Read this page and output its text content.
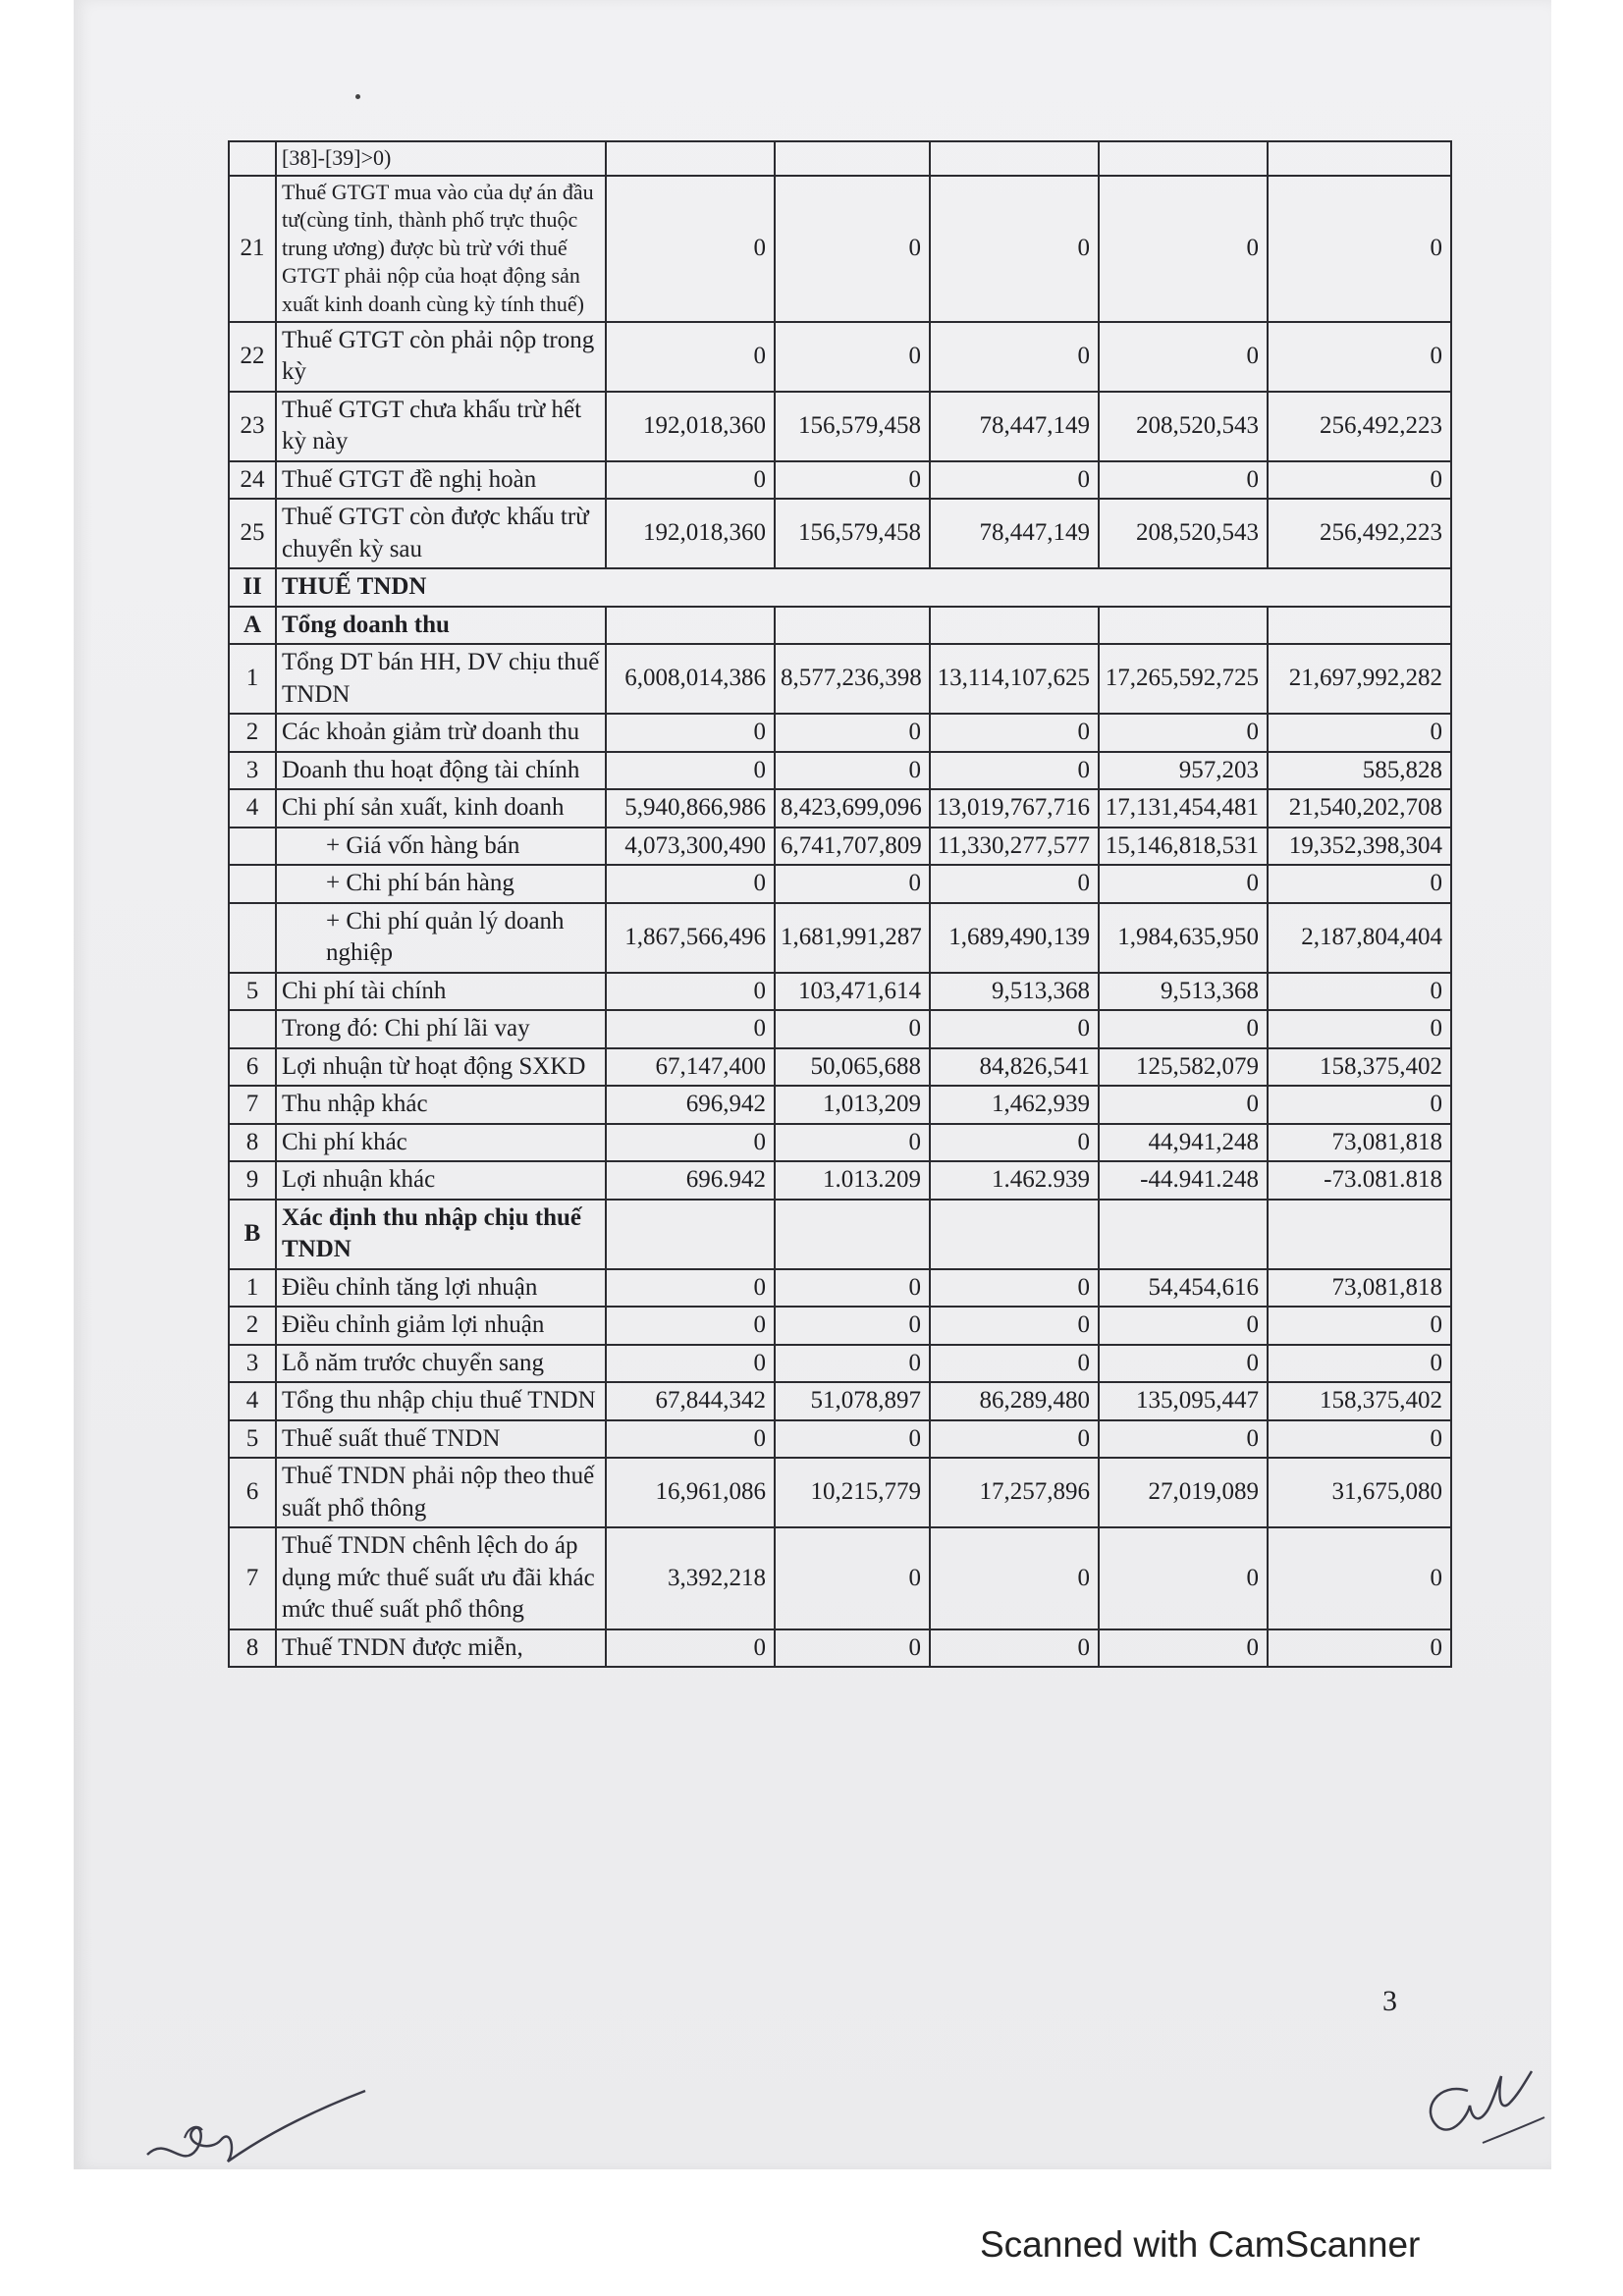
	[38]-[39]>0)					
21	Thuế GTGT mua vào của dự án đầu tư(cùng tỉnh, thành phố trực thuộc trung ương) được bù trừ với thuế GTGT phải nộp của hoạt động sản xuất kinh doanh cùng kỳ tính thuế)	0	0	0	0	0
22	Thuế GTGT còn phải nộp trong kỳ	0	0	0	0	0
23	Thuế GTGT chưa khấu trừ hết kỳ này	192,018,360	156,579,458	78,447,149	208,520,543	256,492,223
24	Thuế GTGT đề nghị hoàn	0	0	0	0	0
25	Thuế GTGT còn được khấu trừ chuyển kỳ sau	192,018,360	156,579,458	78,447,149	208,520,543	256,492,223
II	THUẾ TNDN					
A	Tổng doanh thu					
1	Tổng DT bán HH, DV chịu thuế TNDN	6,008,014,386	8,577,236,398	13,114,107,625	17,265,592,725	21,697,992,282
2	Các khoản giảm trừ doanh thu	0	0	0	0	0
3	Doanh thu hoạt động tài chính	0	0	0	957,203	585,828
4	Chi phí sản xuất, kinh doanh	5,940,866,986	8,423,699,096	13,019,767,716	17,131,454,481	21,540,202,708
	+ Giá vốn hàng bán	4,073,300,490	6,741,707,809	11,330,277,577	15,146,818,531	19,352,398,304
	+ Chi phí bán hàng	0	0	0	0	0
	+ Chi phí quản lý doanh nghiệp	1,867,566,496	1,681,991,287	1,689,490,139	1,984,635,950	2,187,804,404
5	Chi phí tài chính	0	103,471,614	9,513,368	9,513,368	0
	Trong đó: Chi phí lãi vay	0	0	0	0	0
6	Lợi nhuận từ hoạt động SXKD	67,147,400	50,065,688	84,826,541	125,582,079	158,375,402
7	Thu nhập khác	696,942	1,013,209	1,462,939	0	0
8	Chi phí khác	0	0	0	44,941,248	73,081,818
9	Lợi nhuận khác	696.942	1.013.209	1.462.939	-44.941.248	-73.081.818
B	Xác định thu nhập chịu thuế TNDN					
1	Điều chỉnh tăng lợi nhuận	0	0	0	54,454,616	73,081,818
2	Điều chỉnh giảm lợi nhuận	0	0	0	0	0
3	Lỗ năm trước chuyển sang	0	0	0	0	0
4	Tổng thu nhập chịu thuế TNDN	67,844,342	51,078,897	86,289,480	135,095,447	158,375,402
5	Thuế suất thuế TNDN	0	0	0	0	0
6	Thuế TNDN phải nộp theo thuế suất phổ thông	16,961,086	10,215,779	17,257,896	27,019,089	31,675,080
7	Thuế TNDN chênh lệch do áp dụng mức thuế suất ưu đãi khác mức thuế suất phổ thông	3,392,218	0	0	0	0
8	Thuế TNDN được miễn,	0	0	0	0	0
3
Scanned with CamScanner
